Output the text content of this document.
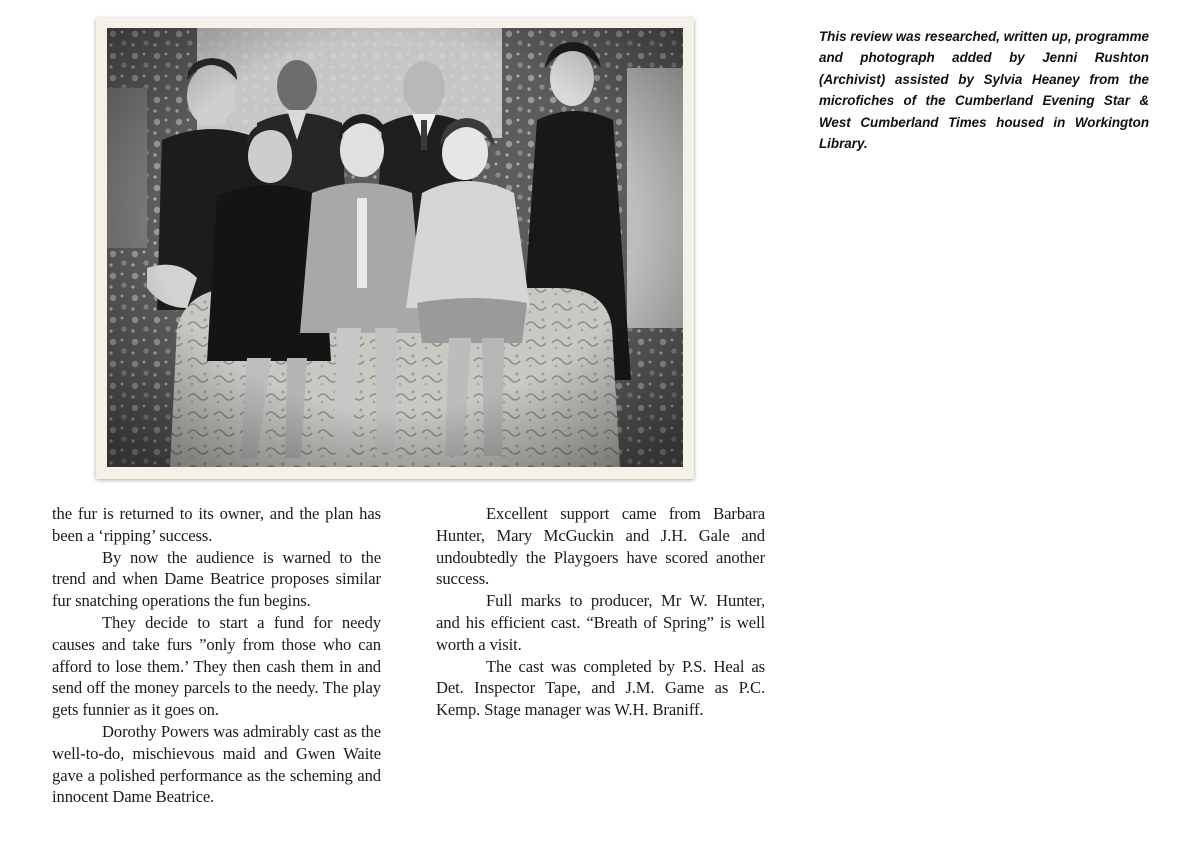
This review was researched, written up, programme and photograph added by Jenni Rushton (Archivist) assisted by Sylvia Heaney from the microfiches of the Cumberland Evening Star & West Cumberland Times housed in Workington Library.

the fur is returned to its owner, and the plan has been a ‘ripping’ success.

By now the audience is warned to the trend and when Dame Beatrice proposes similar fur snatching operations the fun begins.

They decide to start a fund for needy causes and take furs ”only from those who can afford to lose them.’ They then cash them in and send off the money parcels to the needy. The play gets funnier as it goes on.

Dorothy Powers was admirably cast as the well-to-do, mischievous maid and Gwen Waite gave a polished performance as the scheming and innocent Dame Beatrice.

Excellent support came from Barbara Hunter, Mary McGuckin and J.H. Gale and undoubtedly the Playgoers have scored another success.

Full marks to producer, Mr W. Hunter, and his efficient cast. “Breath of Spring” is well worth a visit.

The cast was completed by P.S. Heal as Det. Inspector Tape, and J.M. Game as P.C. Kemp. Stage manager was W.H. Braniff.
